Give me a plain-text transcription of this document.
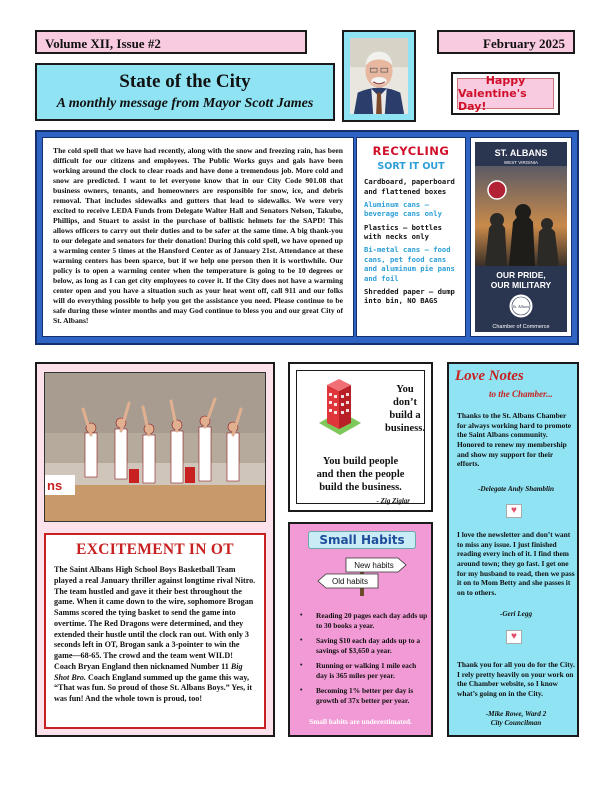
Volume XII, Issue #2	February 2025
State of the City
A monthly message from Mayor Scott James
Happy
Valentine's Day!
The cold spell that we have had recently, along with the snow and freezing rain, has been difficult for our citizens and employees. The Public Works guys and gals have been working around the clock to clear roads and have done a tremendous job. More cold and snow are predicted. I want to let everyone know that in our City Code 901.08 that business owners, tenants, and homeowners are responsible for snow, ice, and debris removal. That includes sidewalks and gutters that lead to sidewalks. We were very excited to receive LEDA Funds from Delegate Walter Hall and Senators Nelson, Takubo, Phillips, and Stuart to assist in the purchase of ballistic helmets for the SAPD! This allows officers to carry out their duties and to be safer at the same time. A big thank-you to our delegate and senators for their donation! During this cold spell, we have opened up a warming center 5 times at the Hansford Center as of January 21st. Attendance at these warming centers has been sparce, but if we help one person then it is worthwhile. Our policy is to open a warming center when the temperature is going to be 10 degrees or below, as long as I can get city employees to cover it. If the City does not have a warming center open and you have a situation such as your heat went off, call 911 and our folks will do everything possible to help you get the assistance you need. Please continue to be safe during these winter months and may God continue to bless you and our great City of St. Albans!
RECYCLING
SORT IT OUT
Cardboard, paperboard and flattened boxes
Aluminum cans – beverage cans only
Plastics – bottles with necks only
Bi-metal cans – food cans, pet food cans and aluminum pie pans and foil
Shredded paper – dump into bin, NO BAGS
ST. ALBANS
WEST VIRGINIA
OUR PRIDE,
OUR MILITARY
St. Albans
Chamber of Commerce
ns
EXCITEMENT IN OT
The Saint Albans High School Boys Basketball Team played a real January thriller against longtime rival Nitro. The team hustled and gave it their best throughout the game. When it came down to the wire, sophomore Brogan Samms scored the tying basket to send the game into overtime. The Red Dragons were determined, and they extended their hustle until the clock ran out. With only 3 seconds left in OT, Brogan sank a 3-pointer to win the game—68-65. The crowd and the team went WILD! Coach Bryan England then nicknamed Number 11 Big Shot Bro. Coach England summed up the game this way, “That was fun. So proud of those St. Albans Boys.” Yes, it was fun! And the whole town is proud, too!
You
don’t
build a
business.
You build people
and then the people
build the business.
- Zig Ziglar
Small Habits
New habits
Old habits
• Reading 20 pages each day adds up to 30 books a year.
• Saving $10 each day adds up to a savings of $3,650 a year.
• Running or walking 1 mile each day is 365 miles per year.
• Becoming 1% better per day is growth of 37x better per year.
Small habits are underestimated.
Love Notes
to the Chamber...
Thanks to the St. Albans Chamber for always working hard to promote the Saint Albans community. Honored to renew my membership and show my support for their efforts.
-Delegate Andy Shamblin
♥
I love the newsletter and don’t want to miss any issue. I just finished reading every inch of it. I find them around town; they go fast. I get one for my husband to read, then we pass it on to Mom Betty and she passes it on to others.
-Geri Legg
♥
Thank you for all you do for the City. I rely pretty heavily on your work on the Chamber website, so I know what’s going on in the City.
-Mike Rowe, Ward 2
City Councilman
